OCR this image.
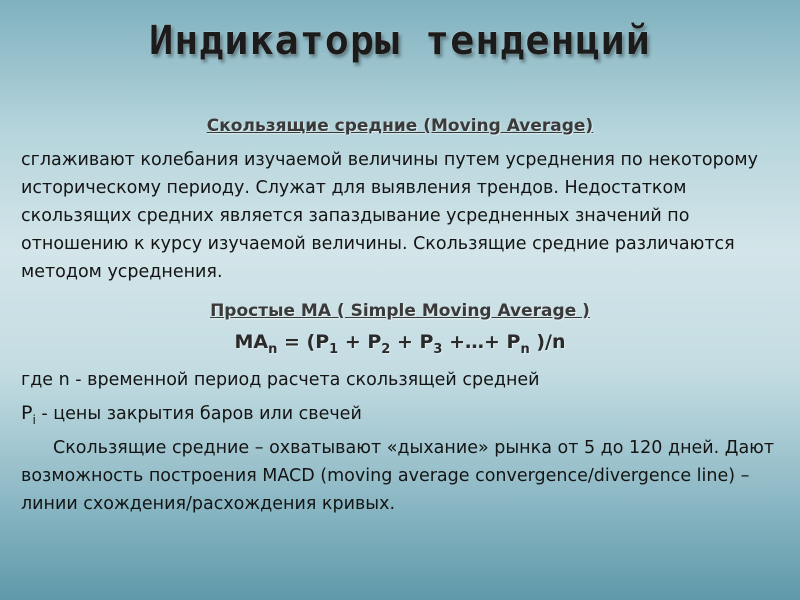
Индикаторы тенденций
Скользящие средние (Moving Average)
сглаживают колебания изучаемой величины путем усреднения по некоторому историческому периоду. Служат для выявления трендов. Недостатком скользящих средних является запаздывание усредненных значений по отношению к курсу изучаемой величины. Скользящие средние различаются методом усреднения.
Простые МА ( Simple Moving Average )
$МА_n = (Р_1 + Р_2 + Р_3$ +…+ $Р_n$ )/n
где n - временной период расчета скользящей средней
$Р_i$ - цены закрытия баров или свечей
Скользящие средние – охватывают «дыхание» рынка от 5 до 120 дней. Дают возможность построения MACD (moving average convergence/divergence line) – линии схождения/расхождения кривых.
